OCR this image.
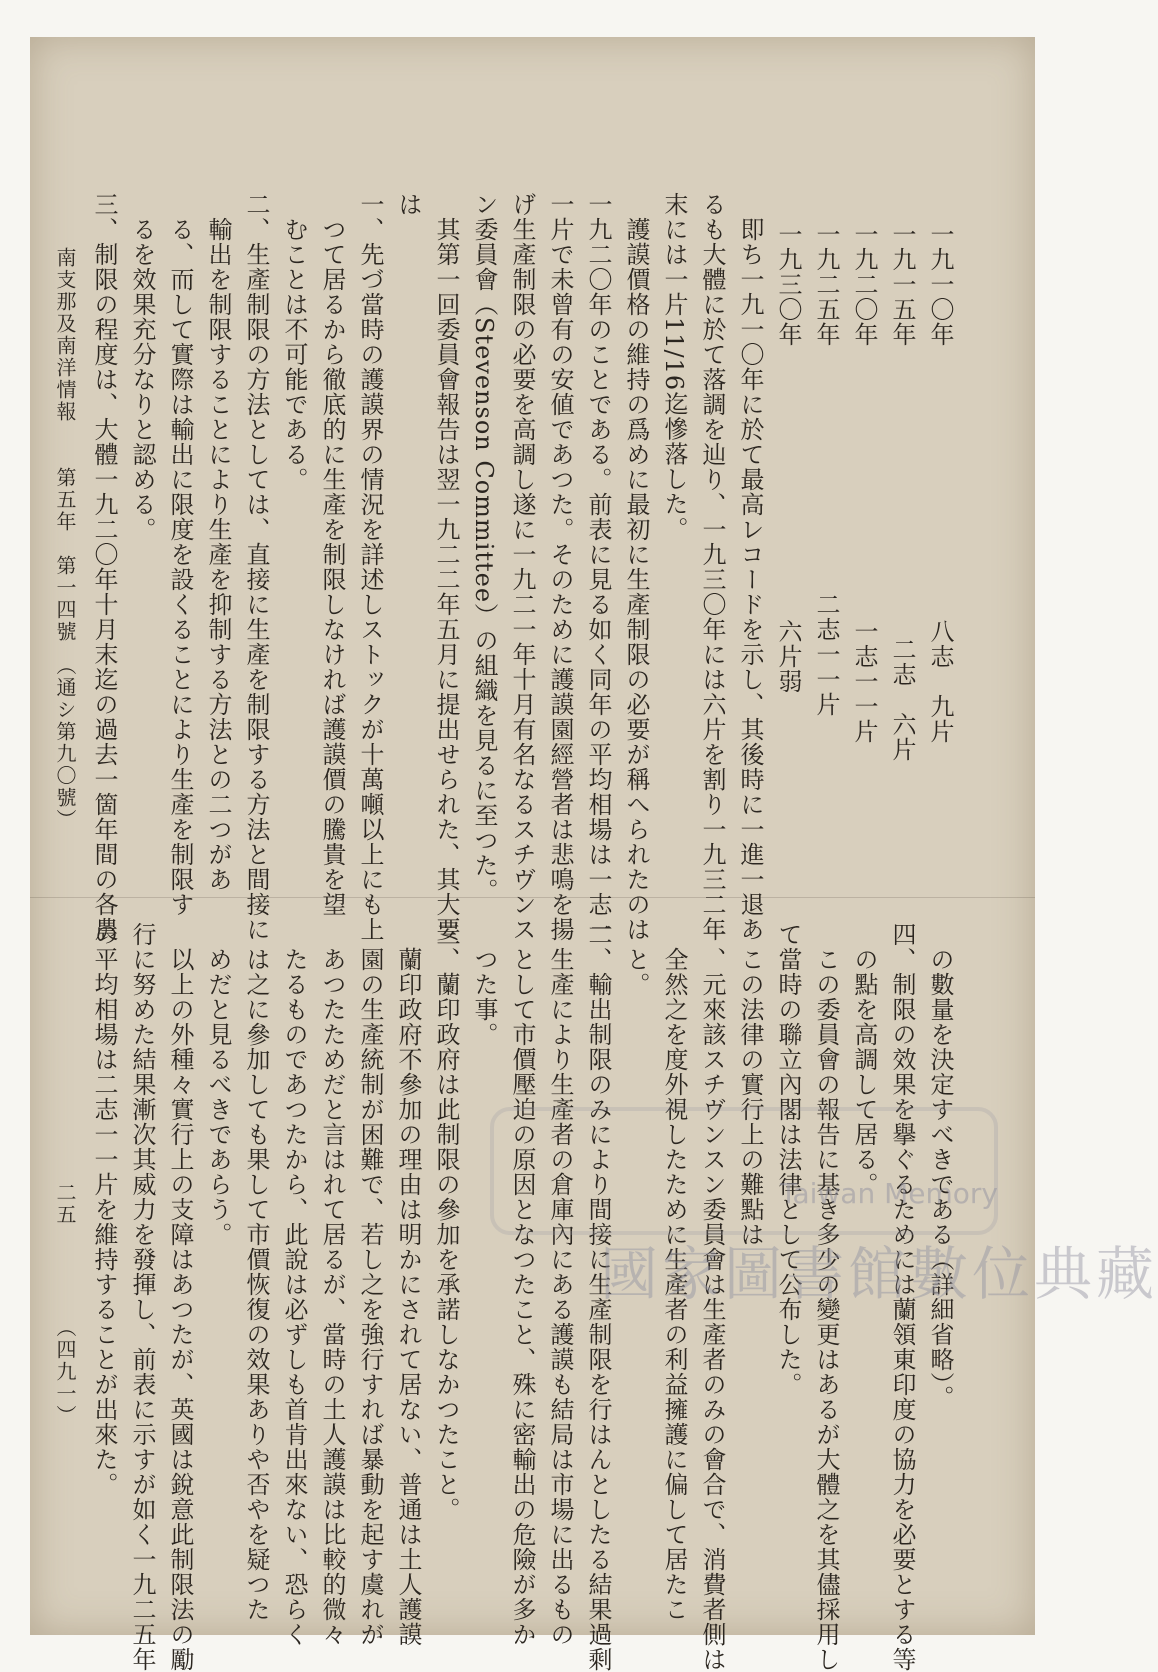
一九一〇年
八志　九片
一九一五年
二志　六片
一九二〇年
一志一一片
一九二五年
二志一一片
一九三〇年
六片弱
　即ち一九一〇年に於て最高レコードを示し、其後時に一進一退あ
るも大體に於て落調を辿り、一九三〇年には六片を割り一九三二年
末には一片11/16迄慘落した。
　護謨價格の維持の爲めに最初に生產制限の必要が稱へられたのは
一九二〇年のことである。前表に見る如く同年の平均相場は一志一
一片で未曾有の安値であつた。そのために護謨園經營者は悲鳴を揚
げ生產制限の必要を高調し遂に一九二一年十月有名なるスチヴンス
ン委員會（Stevenson Committee）の組織を見るに至つた。
　其第一回委員會報告は翌一九二二年五月に提出せられた、其大要
は
一、先づ當時の護謨界の情況を詳述しストックが十萬噸以上にも上
　つて居るから徹底的に生產を制限しなければ護謨價の騰貴を望
　むことは不可能である。
二、生產制限の方法としては、直接に生產を制限する方法と間接に
　輸出を制限することにより生產を抑制する方法との二つがあ
　る、而して實際は輸出に限度を設くることにより生產を制限す
　るを效果充分なりと認める。
三、制限の程度は、大體一九二〇年十月末迄の過去一箇年間の各農
　の數量を決定すべきである（詳細省略）。
四、制限の效果を擧ぐるためには蘭領東印度の協力を必要とする等
　の點を高調して居る。
　この委員會の報告に基き多少の變更はあるが大體之を其儘採用し
て當時の聯立內閣は法律として公布した。
　この法律の實行上の難點は
一、元來該スチヴンスン委員會は生產者のみの會合で、消費者側は
　全然之を度外視したために生產者の利益擁護に偏して居たこ
　と。
二、輸出制限のみにより間接に生產制限を行はんとしたる結果過剩
　生產により生產者の倉庫內にある護謨も結局は市場に出るもの
　として市價壓迫の原因となつたこと、殊に密輸出の危險が多か
　つた事。
三、蘭印政府は此制限の參加を承諾しなかつたこと。
　蘭印政府不參加の理由は明かにされて居ない、普通は土人護謨
　園の生產統制が困難で、若し之を強行すれば暴動を起す虞れが
　あつたためだと言はれて居るが、當時の土人護謨は比較的微々
　たるものであつたから、此說は必ずしも首肯出來ない、恐らく
　は之に參加しても果して市價恢復の效果ありや否やを疑つた
　めだと見るべきであらう。
　以上の外種々實行上の支障はあつたが、英國は銳意此制限法の勵
行に努めた結果漸次其威力を發揮し、前表に示すが如く一九二五年
の平均相場は二志一一片を維持することが出來た。
南支那及南洋情報　　第五年　第一四號　（通シ第九〇號）
二五
（四九一）
Taiwan Memory
國家圖書館數位典藏
